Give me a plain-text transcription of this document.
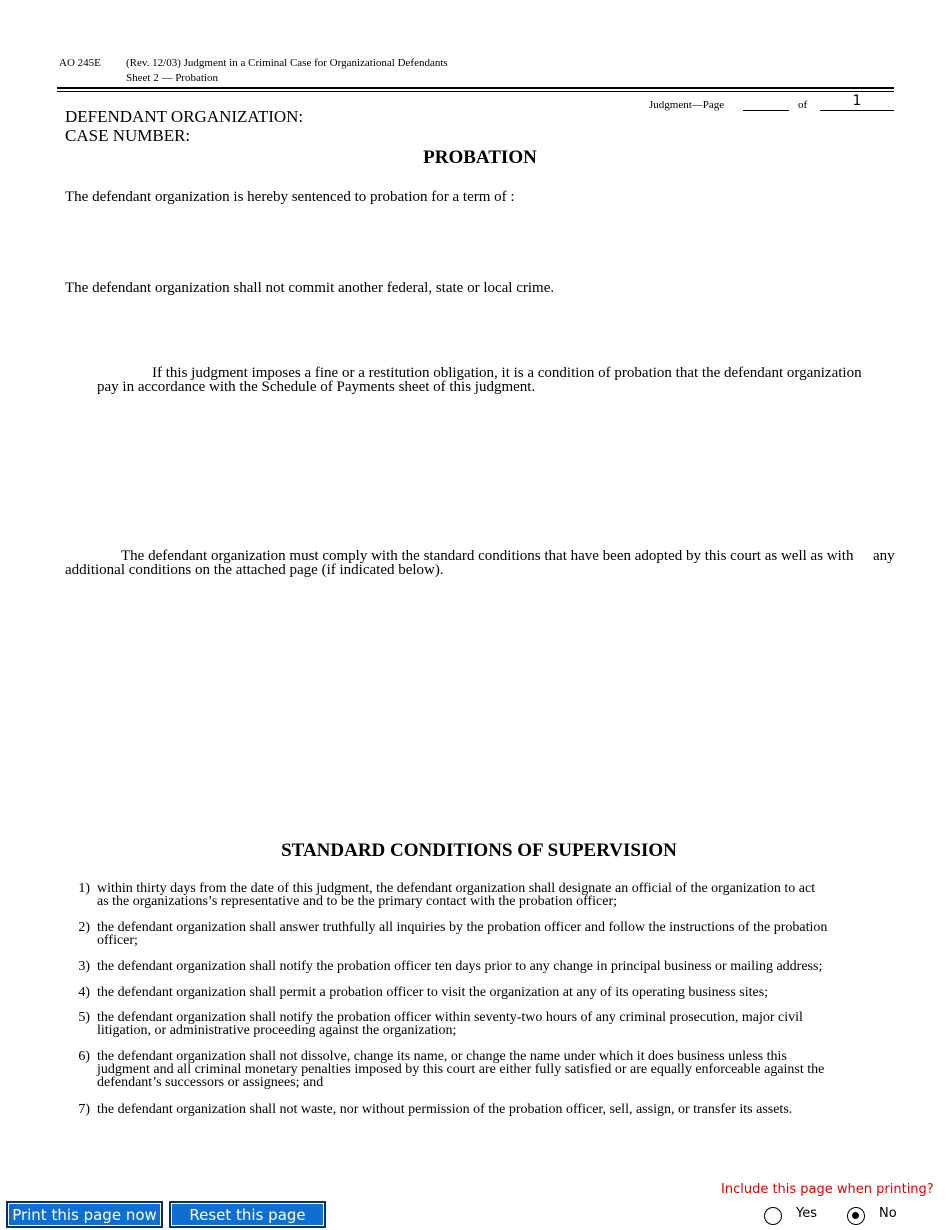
AO 245E (Rev. 12/03) Judgment in a Criminal Case for Organizational Defendants
Sheet 2 — Probation
Judgment—Page	of	1
DEFENDANT ORGANIZATION:
CASE NUMBER:
PROBATION
The defendant organization is hereby sentenced to probation for a term of :
The defendant organization shall not commit another federal, state or local crime.
If this judgment imposes a fine or a restitution obligation, it is a condition of probation that the defendant organization
pay in accordance with the Schedule of Payments sheet of this judgment.
The defendant organization must comply with the standard conditions that have been adopted by this court as well as with any
additional conditions on the attached page (if indicated below).
STANDARD CONDITIONS OF SUPERVISION
1) within thirty days from the date of this judgment, the defendant organization shall designate an official of the organization to act
as the organizations’s representative and to be the primary contact with the probation officer;
2) the defendant organization shall answer truthfully all inquiries by the probation officer and follow the instructions of the probation
officer;
3) the defendant organization shall notify the probation officer ten days prior to any change in principal business or mailing address;
4) the defendant organization shall permit a probation officer to visit the organization at any of its operating business sites;
5) the defendant organization shall notify the probation officer within seventy-two hours of any criminal prosecution, major civil
litigation, or administrative proceeding against the organization;
6) the defendant organization shall not dissolve, change its name, or change the name under which it does business unless this
judgment and all criminal monetary penalties imposed by this court are either fully satisfied or are equally enforceable against the
defendant’s successors or assignees; and
7) the defendant organization shall not waste, nor without permission of the probation officer, sell, assign, or transfer its assets.
Print this page now	Reset this page
Include this page when printing?
Yes	No
